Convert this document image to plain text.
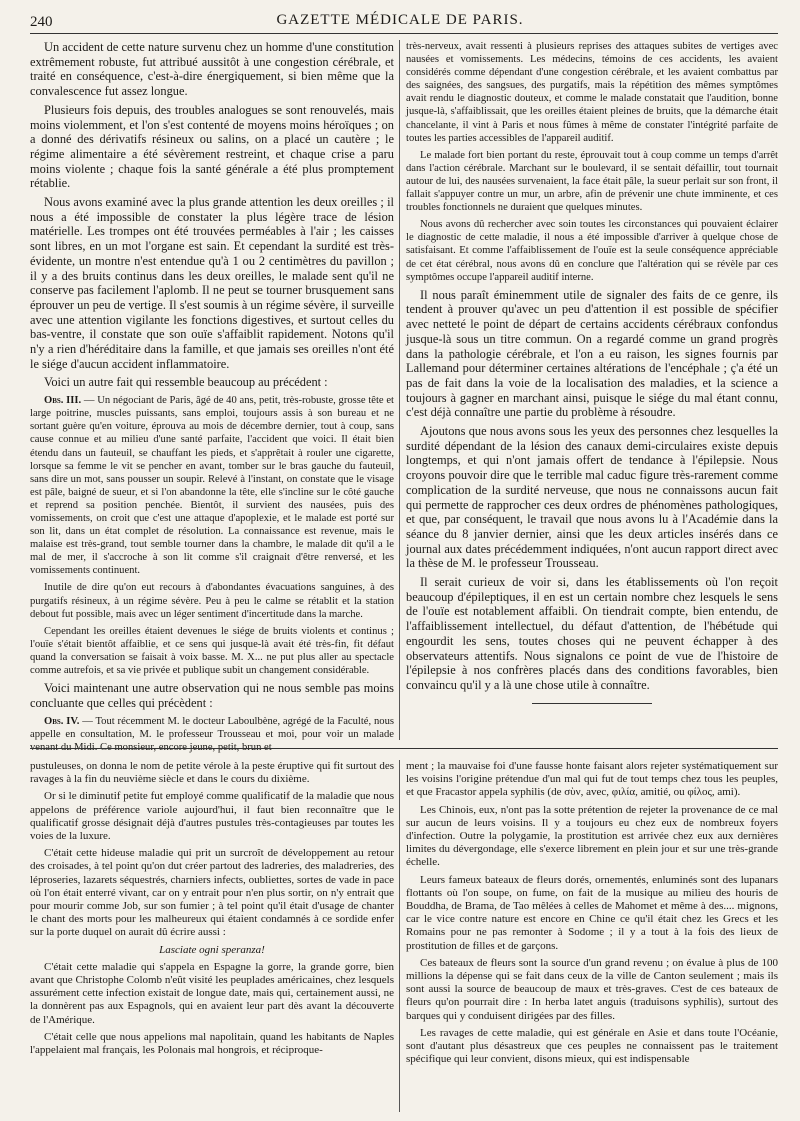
240	GAZETTE MÉDICALE DE PARIS.

Un accident de cette nature survenu chez un homme d'une constitution extrêmement robuste, fut attribué aussitôt à une congestion cérébrale, et traité en conséquence, c'est-à-dire énergiquement, si bien même que la convalescence fut assez longue.

Plusieurs fois depuis, des troubles analogues se sont renouvelés, mais moins violemment, et l'on s'est contenté de moyens moins héroïques ; on a donné des dérivatifs résineux ou salins, on a placé un cautère ; le régime alimentaire a été sévèrement restreint, et chaque crise a paru moins violente ; chaque fois la santé générale a été plus promptement rétablie.

Nous avons examiné avec la plus grande attention les deux oreilles ; il nous a été impossible de constater la plus légère trace de lésion matérielle. Les trompes ont été trouvées perméables à l'air ; les caisses sont libres, en un mot l'organe est sain. Et cependant la surdité est très-évidente, un montre n'est entendue qu'à 1 ou 2 centimètres du pavillon ; il y a des bruits continus dans les deux oreilles, le malade sent qu'il ne conserve pas facilement l'aplomb. Il ne peut se tourner brusquement sans éprouver un peu de vertige. Il s'est soumis à un régime sévère, il surveille avec une attention vigilante les fonctions digestives, et surtout celles du bas-ventre, il constate que son ouïe s'affaiblit rapidement. Notons qu'il n'y a rien d'héréditaire dans la famille, et que jamais ses oreilles n'ont été le siége d'aucun accident inflammatoire.

Voici un autre fait qui ressemble beaucoup au précédent :

Obs. III. — Un négociant de Paris, âgé de 40 ans, petit, très-robuste, grosse tête et large poitrine, muscles puissants, sans emploi, toujours assis à son bureau et ne sortant guère qu'en voiture, éprouva au mois de décembre dernier, tout à coup, sans cause connue et au milieu d'une santé parfaite, l'accident que voici. Il était bien étendu dans un fauteuil, se chauffant les pieds, et s'apprêtait à rouler une cigarette, lorsque sa femme le vit se pencher en avant, tomber sur le bras gauche du fauteuil, sans dire un mot, sans pousser un soupir. Relevé à l'instant, on constate que le visage est pâle, baigné de sueur, et si l'on abandonne la tête, elle s'incline sur le côté gauche et reprend sa position penchée. Bientôt, il survient des nausées, puis des vomissements, on croit que c'est une attaque d'apoplexie, et le malade est porté sur son lit, dans un état complet de résolution. La connaissance est revenue, mais le malaise est très-grand, tout semble tourner dans la chambre, le malade dit qu'il a le mal de mer, il s'accroche à son lit comme s'il craignait d'être renversé, et les vomissements continuent.

Inutile de dire qu'on eut recours à d'abondantes évacuations sanguines, à des purgatifs résineux, à un régime sévère. Peu à peu le calme se rétablit et la station debout fut possible, mais avec un léger sentiment d'incertitude dans la marche.

Cependant les oreilles étaient devenues le siége de bruits violents et continus ; l'ouïe s'était bientôt affaiblie, et ce sens qui jusque-là avait été très-fin, fit défaut quand la conversation se faisait à voix basse. M. X... ne put plus aller au spectacle comme autrefois, et sa vie privée et publique subit un changement considérable.

Voici maintenant une autre observation qui ne nous semble pas moins concluante que celles qui précèdent :

Obs. IV. — Tout récemment M. le docteur Laboulbène, agrégé de la Faculté, nous appelle en consultation, M. le professeur Trousseau et moi, pour voir un malade venant du Midi. Ce monsieur, encore jeune, petit, brun et

très-nerveux, avait ressenti à plusieurs reprises des attaques subites de vertiges avec nausées et vomissements. Les médecins, témoins de ces accidents, les avaient considérés comme dépendant d'une congestion cérébrale, et les avaient combattus par des saignées, des sangsues, des purgatifs, mais la répétition des mêmes symptômes avait rendu le diagnostic douteux, et comme le malade constatait que l'audition, bonne jusque-là, s'affaiblissait, que les oreilles étaient pleines de bruits, que la démarche était chancelante, il vint à Paris et nous fûmes à même de constater l'intégrité parfaite de toutes les parties accessibles de l'appareil auditif.

Le malade fort bien portant du reste, éprouvait tout à coup comme un temps d'arrêt dans l'action cérébrale. Marchant sur le boulevard, il se sentait défaillir, tout tournait autour de lui, des nausées survenaient, la face était pâle, la sueur perlait sur son front, il fallait s'appuyer contre un mur, un arbre, afin de prévenir une chute imminente, et ces troubles fonctionnels ne duraient que quelques minutes.

Nous avons dû rechercher avec soin toutes les circonstances qui pouvaient éclairer le diagnostic de cette maladie, il nous a été impossible d'arriver à quelque chose de satisfaisant. Et comme l'affaiblissement de l'ouïe est la seule conséquence appréciable de cet état cérébral, nous avons dû en conclure que l'altération qui se révèle par ces symptômes occupe l'appareil auditif interne.

Il nous paraît éminemment utile de signaler des faits de ce genre, ils tendent à prouver qu'avec un peu d'attention il est possible de spécifier avec netteté le point de départ de certains accidents cérébraux confondus jusque-là sous un titre commun. On a regardé comme un grand progrès dans la pathologie cérébrale, et l'on a eu raison, les signes fournis par Lallemand pour déterminer certaines altérations de l'encéphale ; ç'a été un pas de fait dans la voie de la localisation des maladies, et la science a toujours à gagner en marchant ainsi, puisque le siége du mal étant connu, c'est déjà connaître une partie du problème à résoudre.

Ajoutons que nous avons sous les yeux des personnes chez lesquelles la surdité dépendant de la lésion des canaux demi-circulaires existe depuis longtemps, et qui n'ont jamais offert de tendance à l'épilepsie. Nous croyons pouvoir dire que le terrible mal caduc figure très-rarement comme complication de la surdité nerveuse, que nous ne connaissons aucun fait qui permette de rapprocher ces deux ordres de phénomènes pathologiques, et que, par conséquent, le travail que nous avons lu à l'Académie dans la séance du 8 janvier dernier, ainsi que les deux articles insérés dans ce journal aux dates précédemment indiquées, n'ont aucun rapport direct avec la thèse de M. le professeur Trousseau.

Il serait curieux de voir si, dans les établissements où l'on reçoit beaucoup d'épileptiques, il en est un certain nombre chez lesquels le sens de l'ouïe est notablement affaibli. On tiendrait compte, bien entendu, de l'affaiblissement intellectuel, du défaut d'attention, de l'hébétude qui engourdit les sens, toutes choses qui ne peuvent échapper à des observateurs attentifs. Nous signalons ce point de vue de l'histoire de l'épilepsie à nos confrères placés dans des conditions favorables, bien convaincu qu'il y a là une chose utile à connaître.

pustuleuses, on donna le nom de petite vérole à la peste éruptive qui fit surtout des ravages à la fin du neuvième siècle et dans le cours du dixième.

Or si le diminutif petite fut employé comme qualificatif de la maladie que nous appelons de préférence variole aujourd'hui, il faut bien reconnaître que le qualificatif grosse désignait déjà d'autres pustules très-contagieuses par toutes les voies de la luxure.

C'était cette hideuse maladie qui prit un surcroît de développement au retour des croisades, à tel point qu'on dut créer partout des ladreries, des maladreries, des léproseries, lazarets séquestrés, charniers infects, oubliettes, sortes de vade in pace où l'on était enterré vivant, car on y entrait pour n'en plus sortir, on n'y entrait que pour mourir comme Job, sur son fumier ; à tel point qu'il était d'usage de chanter le chant des morts pour les malheureux qui étaient condamnés à ce sordide enfer sur la porte duquel on aurait dû écrire aussi :

Lasciate ogni speranza!

C'était cette maladie qui s'appela en Espagne la gorre, la grande gorre, bien avant que Christophe Colomb n'eût visité les peuplades américaines, chez lesquels assurément cette infection existait de longue date, mais qui, certainement aussi, ne la donnèrent pas aux Espagnols, qui en avaient leur part dès avant la découverte de l'Amérique.

C'était celle que nous appelions mal napolitain, quand les habitants de Naples l'appelaient mal français, les Polonais mal hongrois, et réciproque-

ment ; la mauvaise foi d'une fausse honte faisant alors rejeter systématiquement sur les voisins l'origine prétendue d'un mal qui fut de tout temps chez tous les peuples, et que Fracastor appela syphilis (de σὺν, avec, φιλία, amitié, ou φίλος, ami).

Les Chinois, eux, n'ont pas la sotte prétention de rejeter la provenance de ce mal sur aucun de leurs voisins. Il y a toujours eu chez eux de nombreux foyers d'infection. Outre la polygamie, la prostitution est arrivée chez eux aux dernières limites du dévergondage, elle s'exerce librement en plein jour et sur une très-grande échelle.

Leurs fameux bateaux de fleurs dorés, ornementés, enluminés sont des lupanars flottants où l'on soupe, on fume, on fait de la musique au milieu des houris de Bouddha, de Brama, de Tao mêlées à celles de Mahomet et même à des.... mignons, car le vice contre nature est encore en Chine ce qu'il était chez les Grecs et les Romains pour ne pas remonter à Sodome ; il y a tout à la fois des lieux de prostitution de filles et de garçons.

Ces bateaux de fleurs sont la source d'un grand revenu ; on évalue à plus de 100 millions la dépense qui se fait dans ceux de la ville de Canton seulement ; mais ils sont aussi la source de beaucoup de maux et très-graves. C'est de ces bateaux de fleurs qu'on pourrait dire : In herba latet anguis (traduisons syphilis), surtout des barques qui y conduisent dirigées par des filles.

Les ravages de cette maladie, qui est générale en Asie et dans toute l'Océanie, sont d'autant plus désastreux que ces peuples ne connaissent pas le traitement spécifique qui leur convient, disons mieux, qui est indispensable
